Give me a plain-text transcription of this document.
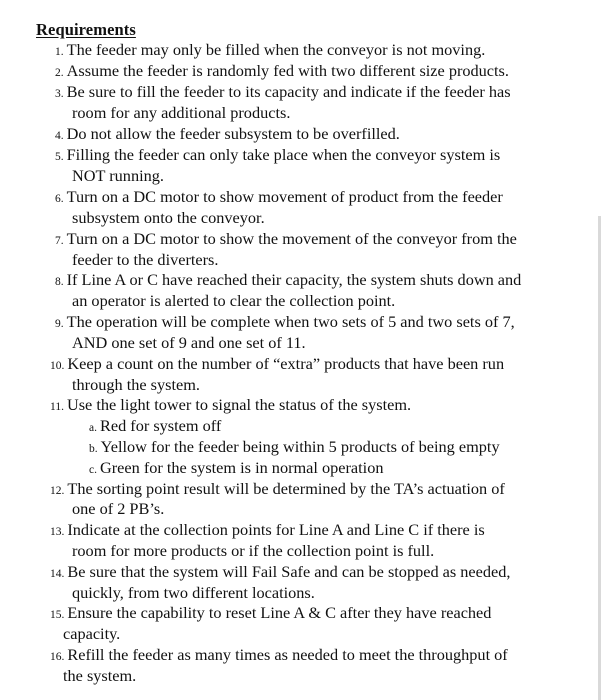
Requirements
1. The feeder may only be filled when the conveyor is not moving.
2. Assume the feeder is randomly fed with two different size products.
3. Be sure to fill the feeder to its capacity and indicate if the feeder has
room for any additional products.
4. Do not allow the feeder subsystem to be overfilled.
5. Filling the feeder can only take place when the conveyor system is
NOT running.
6. Turn on a DC motor to show movement of product from the feeder
subsystem onto the conveyor.
7. Turn on a DC motor to show the movement of the conveyor from the
feeder to the diverters.
8. If Line A or C have reached their capacity, the system shuts down and
an operator is alerted to clear the collection point.
9. The operation will be complete when two sets of 5 and two sets of 7,
AND one set of 9 and one set of 11.
10. Keep a count on the number of “extra” products that have been run
through the system.
11. Use the light tower to signal the status of the system.
a. Red for system off
b. Yellow for the feeder being within 5 products of being empty
c. Green for the system is in normal operation
12. The sorting point result will be determined by the TA’s actuation of
one of 2 PB’s.
13. Indicate at the collection points for Line A and Line C if there is
room for more products or if the collection point is full.
14. Be sure that the system will Fail Safe and can be stopped as needed,
quickly, from two different locations.
15. Ensure the capability to reset Line A & C after they have reached
capacity.
16. Refill the feeder as many times as needed to meet the throughput of
the system.
